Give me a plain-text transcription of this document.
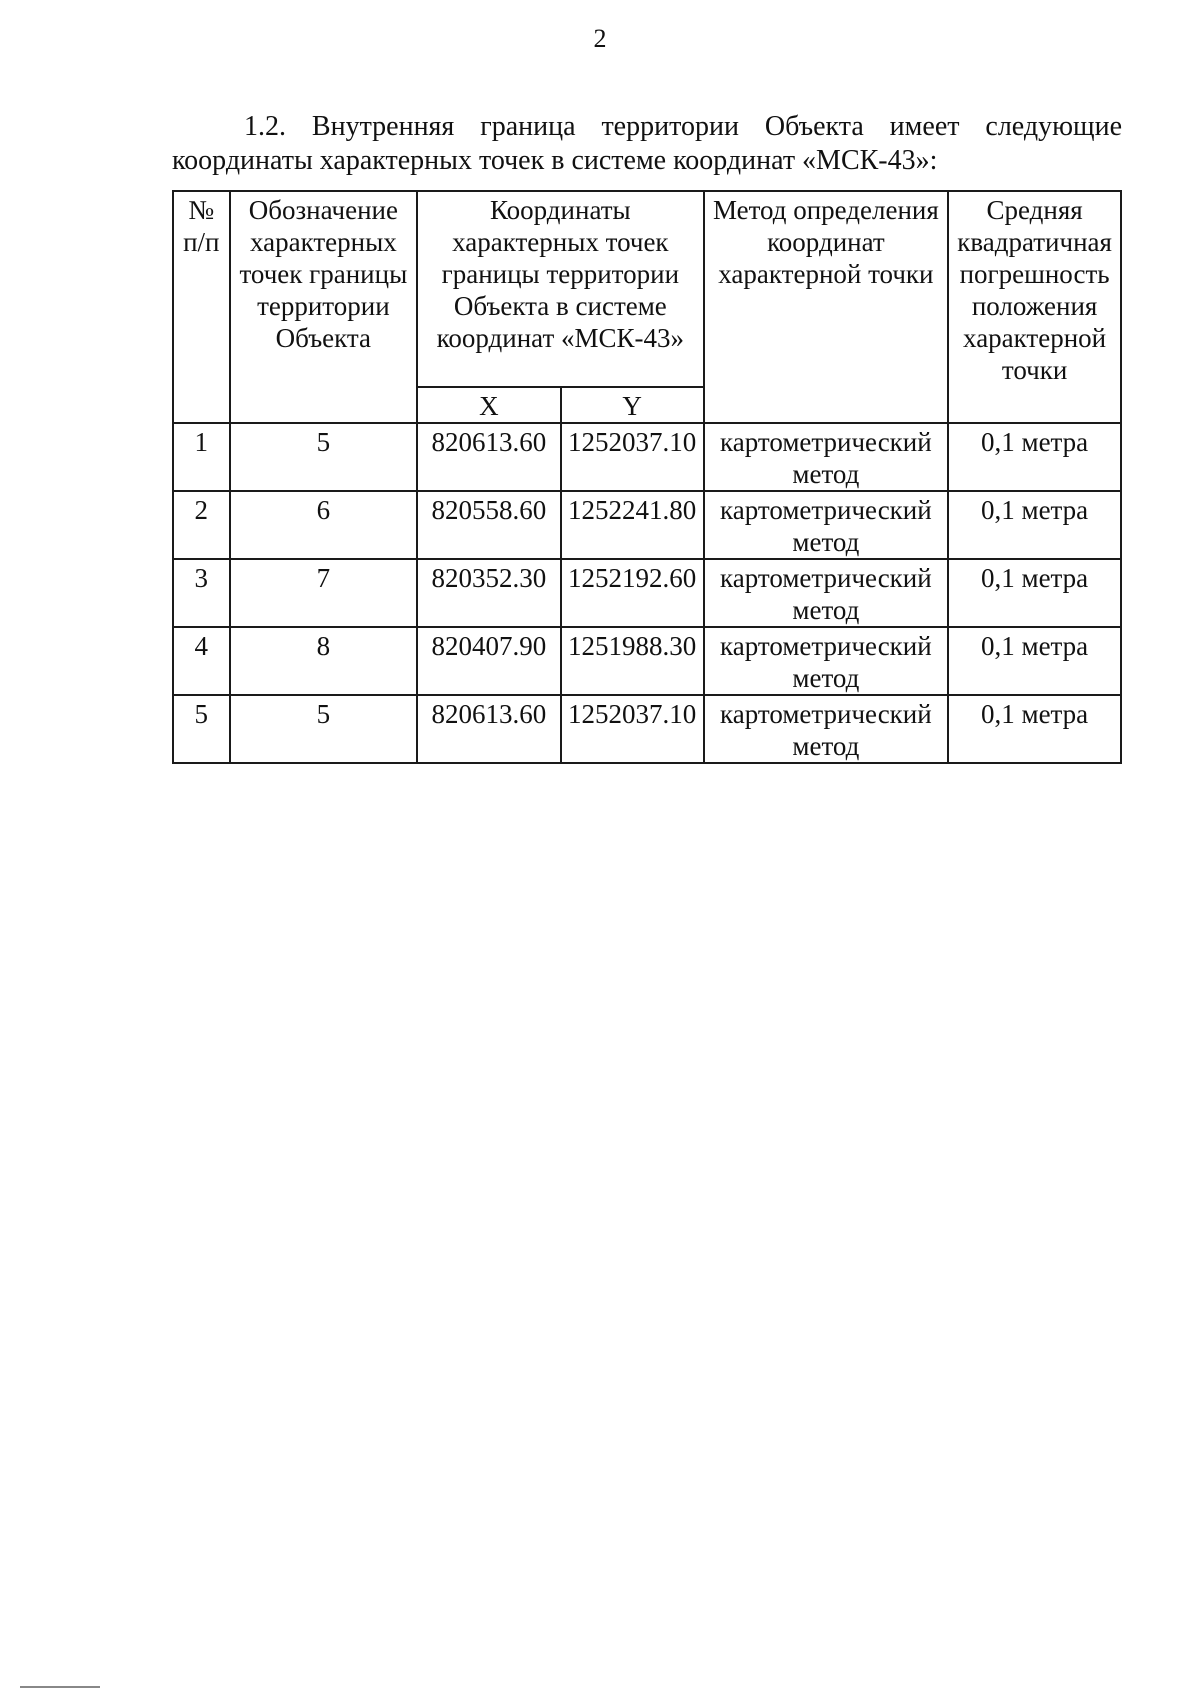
2
1.2. Внутренняя граница территории Объекта имеет следующие
координаты характерных точек в системе координат «МСК-43»:
№ п/п	Обозначение характерных точек границы территории Объекта	Координаты характерных точек границы территории Объекта в системе координат «МСК-43»		Метод определения координат характерной точки	Средняя квадратичная погрешность положения характерной точки
		X	Y		
1	5	820613.60	1252037.10	картометрический метод	0,1 метра
2	6	820558.60	1252241.80	картометрический метод	0,1 метра
3	7	820352.30	1252192.60	картометрический метод	0,1 метра
4	8	820407.90	1251988.30	картометрический метод	0,1 метра
5	5	820613.60	1252037.10	картометрический метод	0,1 метра
